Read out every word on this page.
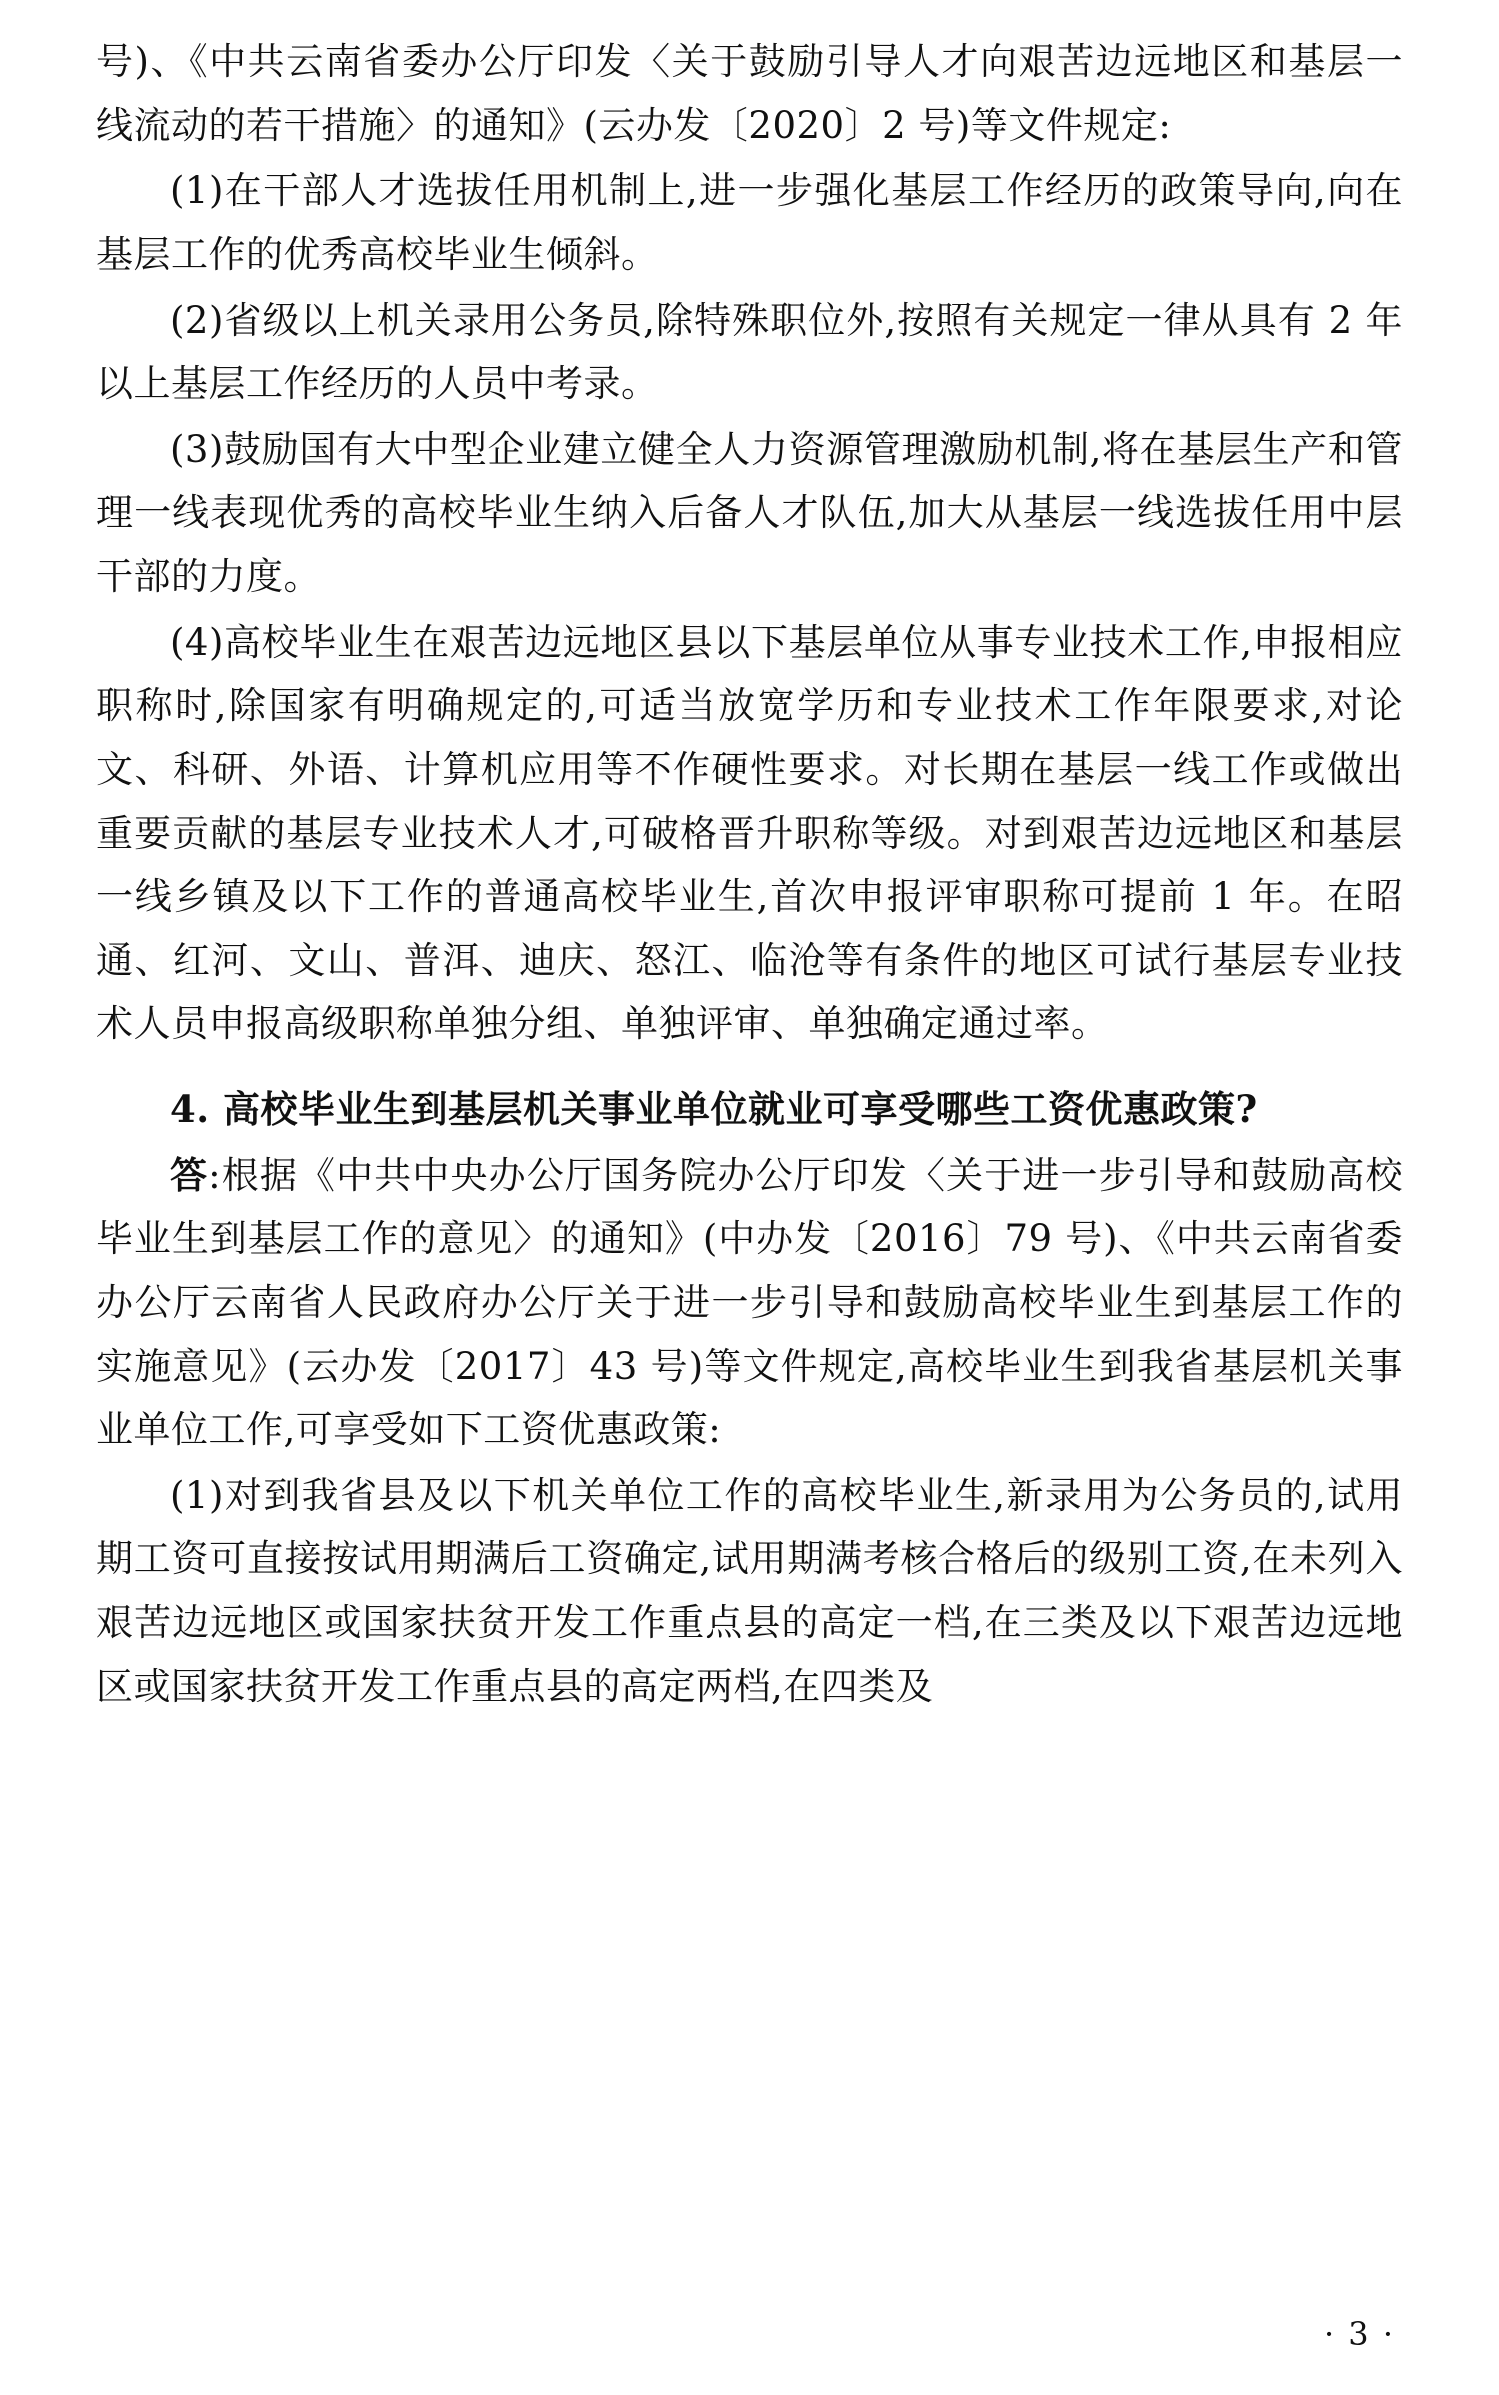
号)、《中共云南省委办公厅印发〈关于鼓励引导人才向艰苦边远地区和基层一线流动的若干措施〉的通知》(云办发〔2020〕2 号)等文件规定:

(1)在干部人才选拔任用机制上,进一步强化基层工作经历的政策导向,向在基层工作的优秀高校毕业生倾斜。

(2)省级以上机关录用公务员,除特殊职位外,按照有关规定一律从具有 2 年以上基层工作经历的人员中考录。

(3)鼓励国有大中型企业建立健全人力资源管理激励机制,将在基层生产和管理一线表现优秀的高校毕业生纳入后备人才队伍,加大从基层一线选拔任用中层干部的力度。

(4)高校毕业生在艰苦边远地区县以下基层单位从事专业技术工作,申报相应职称时,除国家有明确规定的,可适当放宽学历和专业技术工作年限要求,对论文、科研、外语、计算机应用等不作硬性要求。对长期在基层一线工作或做出重要贡献的基层专业技术人才,可破格晋升职称等级。对到艰苦边远地区和基层一线乡镇及以下工作的普通高校毕业生,首次申报评审职称可提前 1 年。在昭通、红河、文山、普洱、迪庆、怒江、临沧等有条件的地区可试行基层专业技术人员申报高级职称单独分组、单独评审、单独确定通过率。

4. 高校毕业生到基层机关事业单位就业可享受哪些工资优惠政策?

答:根据《中共中央办公厅国务院办公厅印发〈关于进一步引导和鼓励高校毕业生到基层工作的意见〉的通知》(中办发〔2016〕79 号)、《中共云南省委办公厅云南省人民政府办公厅关于进一步引导和鼓励高校毕业生到基层工作的实施意见》(云办发〔2017〕43 号)等文件规定,高校毕业生到我省基层机关事业单位工作,可享受如下工资优惠政策:

(1)对到我省县及以下机关单位工作的高校毕业生,新录用为公务员的,试用期工资可直接按试用期满后工资确定,试用期满考核合格后的级别工资,在未列入艰苦边远地区或国家扶贫开发工作重点县的高定一档,在三类及以下艰苦边远地区或国家扶贫开发工作重点县的高定两档,在四类及

· 3 ·
